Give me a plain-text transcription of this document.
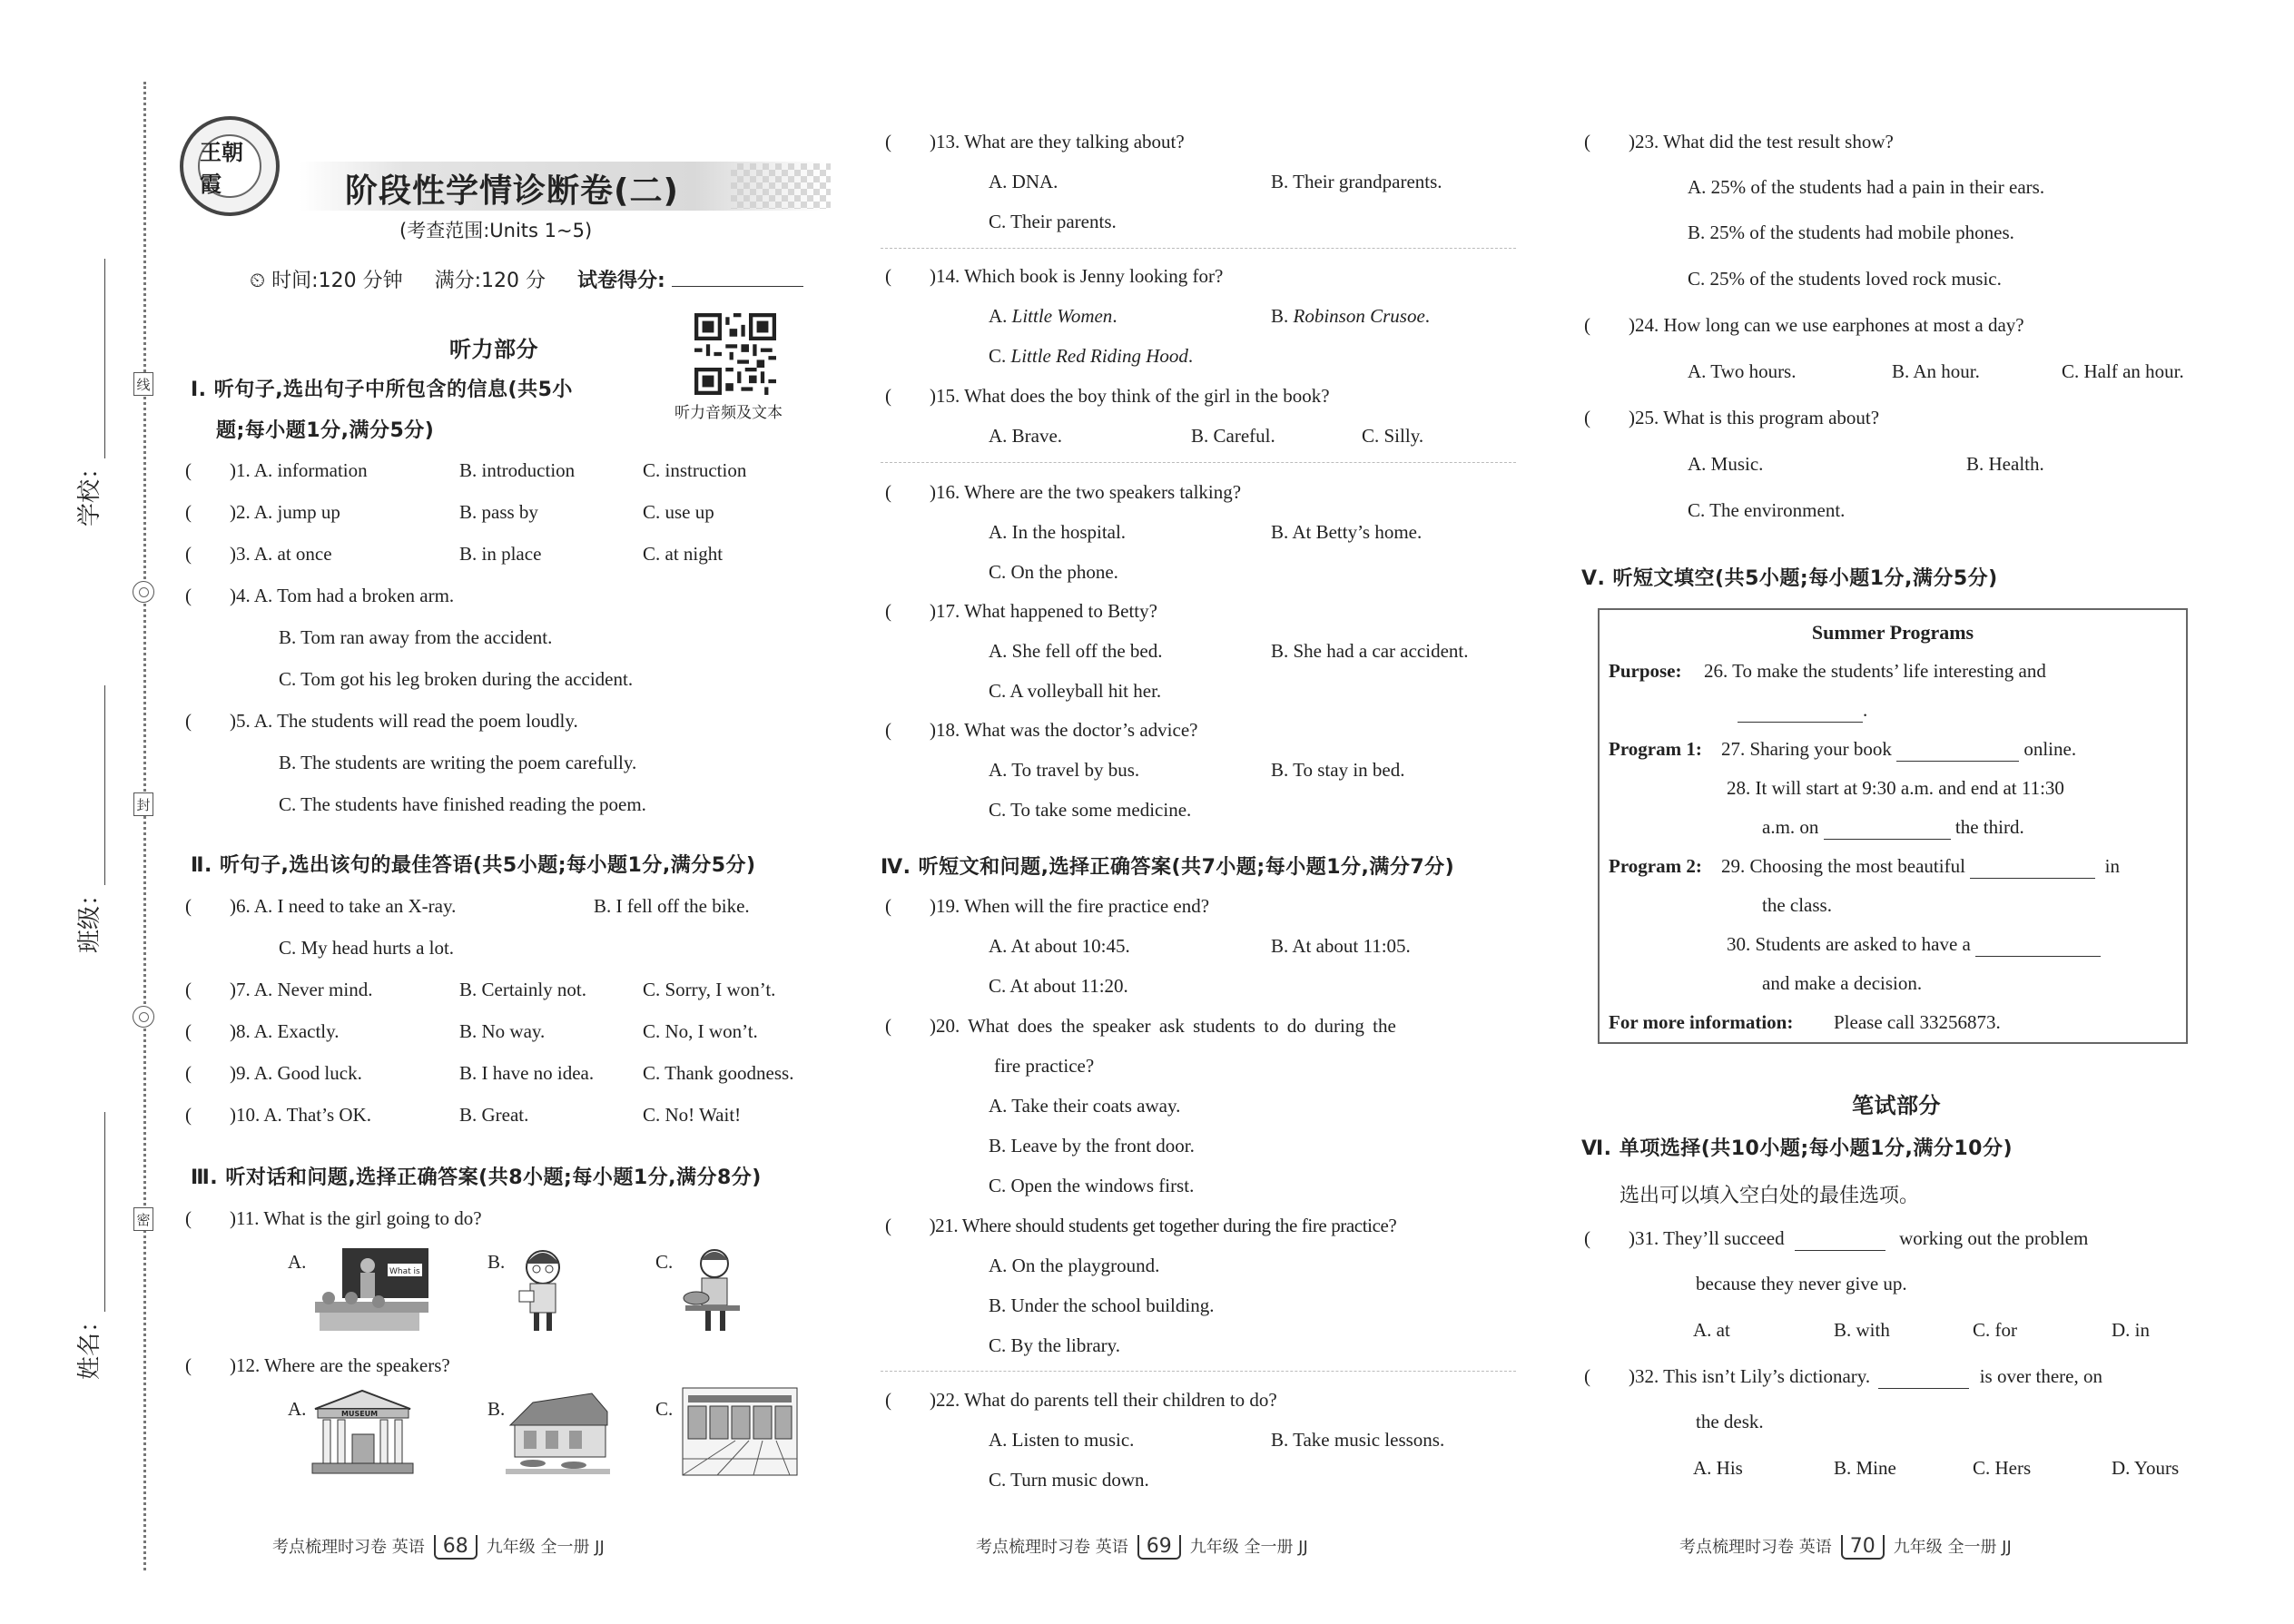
线
封
密
学校：
班级：
姓名：
王朝霞	阶段性学情诊断卷(二)
(考查范围:Units 1~5)
⏲ 时间:120 分钟 满分:120 分 试卷得分:
听力部分
听力音频及文本
Ⅰ. 听句子,选出句子中所包含的信息(共5小
题;每小题1分,满分5分)
( )1. A. information	B. introduction	C. instruction
( )2. A. jump up	B. pass by	C. use up
( )3. A. at once	B. in place	C. at night
( )4. A. Tom had a broken arm.
B. Tom ran away from the accident.
C. Tom got his leg broken during the accident.
( )5. A. The students will read the poem loudly.
B. The students are writing the poem carefully.
C. The students have finished reading the poem.
Ⅱ. 听句子,选出该句的最佳答语(共5小题;每小题1分,满分5分)
( )6. A. I need to take an X-ray.	B. I fell off the bike.
C. My head hurts a lot.
( )7. A. Never mind.	B. Certainly not.	C. Sorry, I won’t.
( )8. A. Exactly.	B. No way.	C. No, I won’t.
( )9. A. Good luck.	B. I have no idea.	C. Thank goodness.
( )10. A. That’s OK.	B. Great.	C. No! Wait!
Ⅲ. 听对话和问题,选择正确答案(共8小题;每小题1分,满分8分)
( )11. What is the girl going to do?
A.	What is	B.	C.
( )12. Where are the speakers?
A.	MUSEUM	B.	C.
考点梳理时习卷 英语 68 九年级 全一册 JJ
( )13. What are they talking about?
A. DNA.	B. Their grandparents.
C. Their parents.
( )14. Which book is Jenny looking for?
A. Little Women.	B. Robinson Crusoe.
C. Little Red Riding Hood.
( )15. What does the boy think of the girl in the book?
A. Brave.	B. Careful.	C. Silly.
( )16. Where are the two speakers talking?
A. In the hospital.	B. At Betty’s home.
C. On the phone.
( )17. What happened to Betty?
A. She fell off the bed.	B. She had a car accident.
C. A volleyball hit her.
( )18. What was the doctor’s advice?
A. To travel by bus.	B. To stay in bed.
C. To take some medicine.
Ⅳ. 听短文和问题,选择正确答案(共7小题;每小题1分,满分7分)
( )19. When will the fire practice end?
A. At about 10:45.	B. At about 11:05.
C. At about 11:20.
( )20. What does the speaker ask students to do during the
fire practice?
A. Take their coats away.
B. Leave by the front door.
C. Open the windows first.
( )21. Where should students get together during the fire practice?
A. On the playground.
B. Under the school building.
C. By the library.
( )22. What do parents tell their children to do?
A. Listen to music.	B. Take music lessons.
C. Turn music down.
考点梳理时习卷 英语 69 九年级 全一册 JJ
( )23. What did the test result show?
A. 25% of the students had a pain in their ears.
B. 25% of the students had mobile phones.
C. 25% of the students loved rock music.
( )24. How long can we use earphones at most a day?
A. Two hours.	B. An hour.	C. Half an hour.
( )25. What is this program about?
A. Music.	B. Health.
C. The environment.
Ⅴ. 听短文填空(共5小题;每小题1分,满分5分)
Summer Programs
Purpose: 26. To make the students’ life interesting and
.
Program 1: 27. Sharing your book	online.
28. It will start at 9:30 a.m. and end at 11:30
a.m. on	the third.
Program 2: 29. Choosing the most beautiful	in
the class.
30. Students are asked to have a
and make a decision.
For more information: Please call 33256873.
笔试部分
Ⅵ. 单项选择(共10小题;每小题1分,满分10分)
选出可以填入空白处的最佳选项。
( )31. They’ll succeed	working out the problem
because they never give up.
A. at	B. with	C. for	D. in
( )32. This isn’t Lily’s dictionary.	is over there, on
the desk.
A. His	B. Mine	C. Hers	D. Yours
考点梳理时习卷 英语 70 九年级 全一册 JJ
